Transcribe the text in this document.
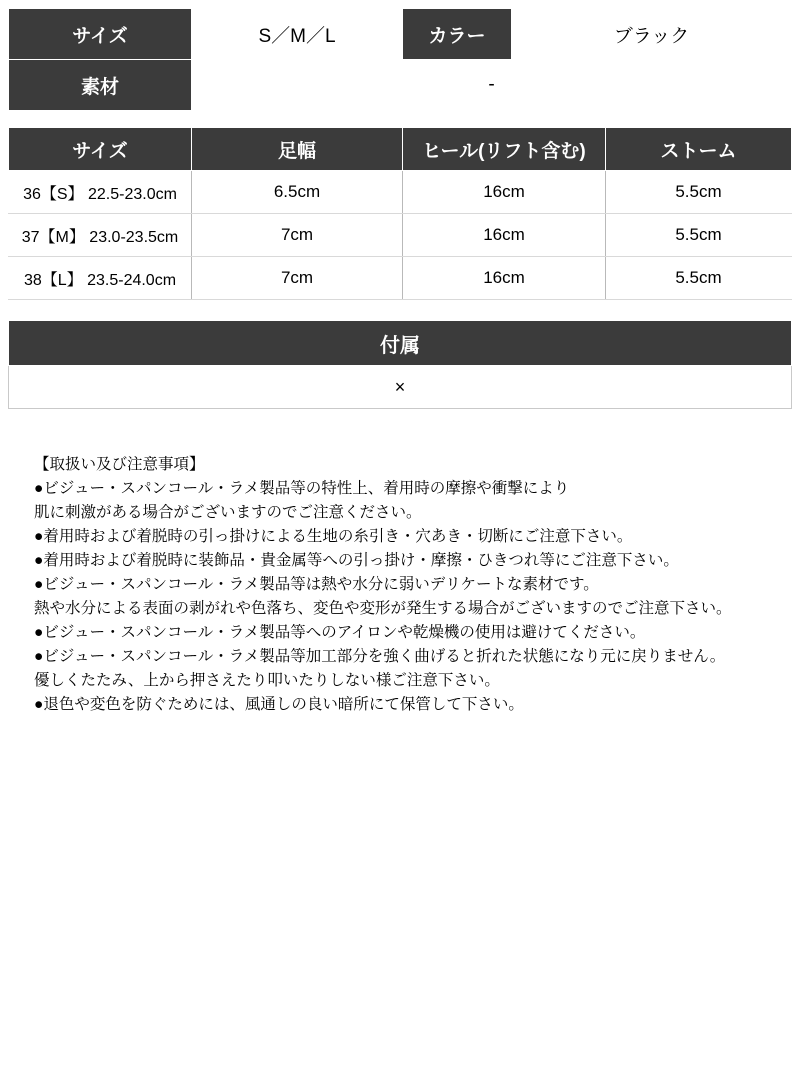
サイズ	S／M／L	カラー	ブラック
素材	-		
サイズ	足幅	ヒール(リフト含む)	ストーム
36【S】 22.5-23.0cm	6.5cm	16cm	5.5cm
37【M】 23.0-23.5cm	7cm	16cm	5.5cm
38【L】 23.5-24.0cm	7cm	16cm	5.5cm
付属
×
【取扱い及び注意事項】
●ビジュー・スパンコール・ラメ製品等の特性上、着用時の摩擦や衝撃により
肌に刺激がある場合がございますのでご注意ください。
●着用時および着脱時の引っ掛けによる生地の糸引き・穴あき・切断にご注意下さい。
●着用時および着脱時に装飾品・貴金属等への引っ掛け・摩擦・ひきつれ等にご注意下さい。
●ビジュー・スパンコール・ラメ製品等は熱や水分に弱いデリケートな素材です。
熱や水分による表面の剥がれや色落ち、変色や変形が発生する場合がございますのでご注意下さい。
●ビジュー・スパンコール・ラメ製品等へのアイロンや乾燥機の使用は避けてください。
●ビジュー・スパンコール・ラメ製品等加工部分を強く曲げると折れた状態になり元に戻りません。
優しくたたみ、上から押さえたり叩いたりしない様ご注意下さい。
●退色や変色を防ぐためには、風通しの良い暗所にて保管して下さい。
